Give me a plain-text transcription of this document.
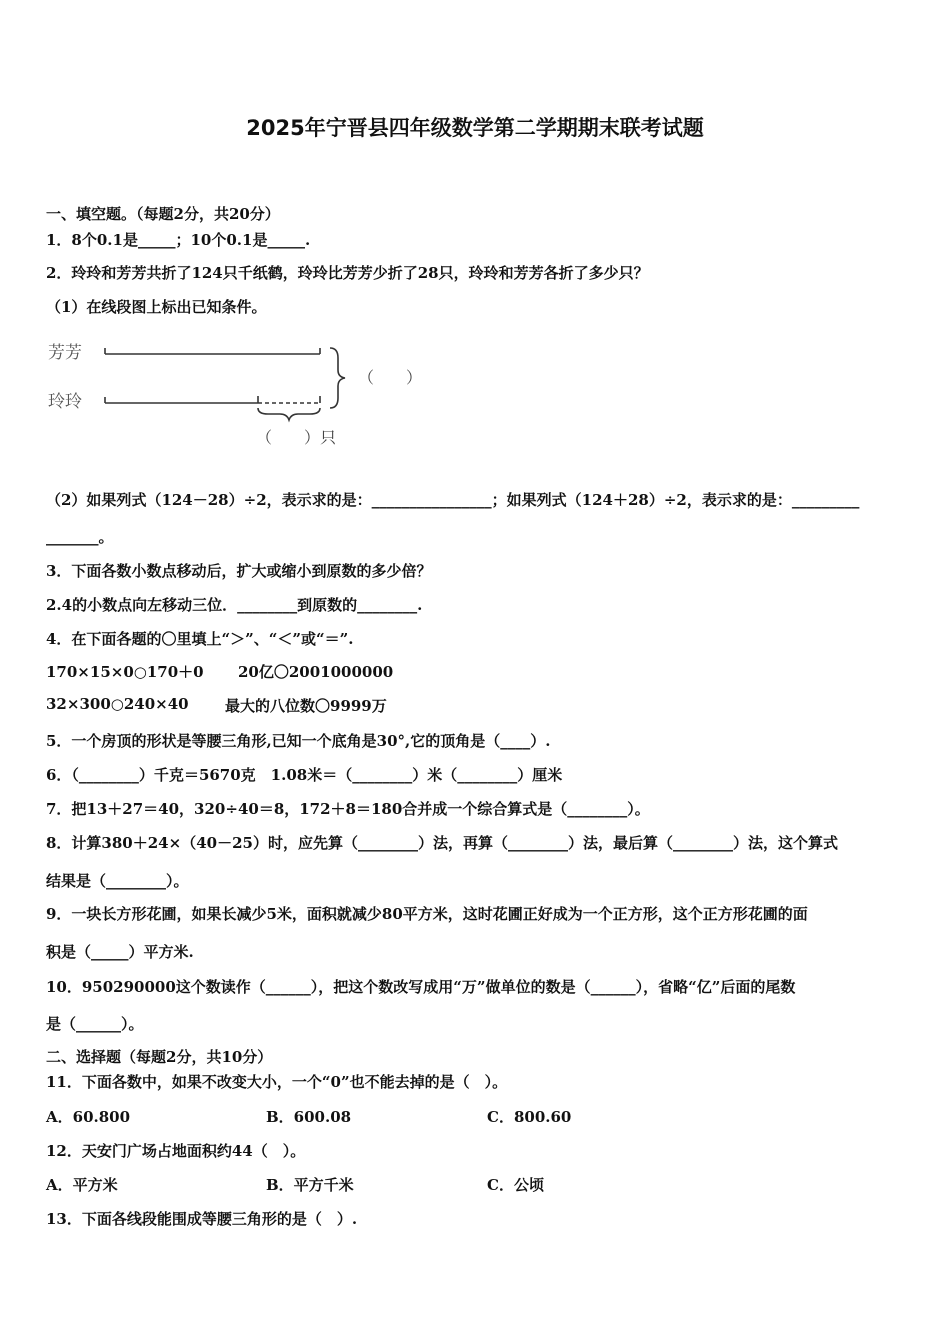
2025年宁晋县四年级数学第二学期期末联考试题
一、填空题。（每题2分，共20分）
1．8个0.1是_____；10个0.1是_____.
2．玲玲和芳芳共折了124只千纸鹤，玲玲比芳芳少折了28只，玲玲和芳芳各折了多少只？
（1）在线段图上标出已知条件。
芳芳
玲玲
（　　）
（　　）只
（2）如果列式（124－28）÷2，表示求的是：________________；如果列式（124＋28）÷2，表示求的是：_________
_______。
3．下面各数小数点移动后，扩大或缩小到原数的多少倍？
2.4的小数点向左移动三位．________到原数的________.
4．在下面各题的〇里填上“＞”、“＜”或“＝”.
170×15×0○170＋0 20亿〇2001000000
32×300○240×40 最大的八位数〇9999万
5．一个房顶的形状是等腰三角形,已知一个底角是30°,它的顶角是（____）.
6．（________）千克＝5670克　1.08米＝（________）米（________）厘米
7．把13＋27＝40，320÷40＝8，172＋8＝180合并成一个综合算式是（________）。
8．计算380＋24×（40－25）时，应先算（________）法，再算（________）法，最后算（________）法，这个算式
结果是（________）。
9．一块长方形花圃，如果长减少5米，面积就减少80平方米，这时花圃正好成为一个正方形，这个正方形花圃的面
积是（_____）平方米.
10．950290000这个数读作（______），把这个数改写成用“万”做单位的数是（______），省略“亿”后面的尾数
是（______）。
二、选择题（每题2分，共10分）
11．下面各数中，如果不改变大小，一个“0”也不能去掉的是（　）。
A．60.800	B．600.08	C．800.60
12．天安门广场占地面积约44（　）。
A．平方米	B．平方千米	C．公顷
13．下面各线段能围成等腰三角形的是（　）.
